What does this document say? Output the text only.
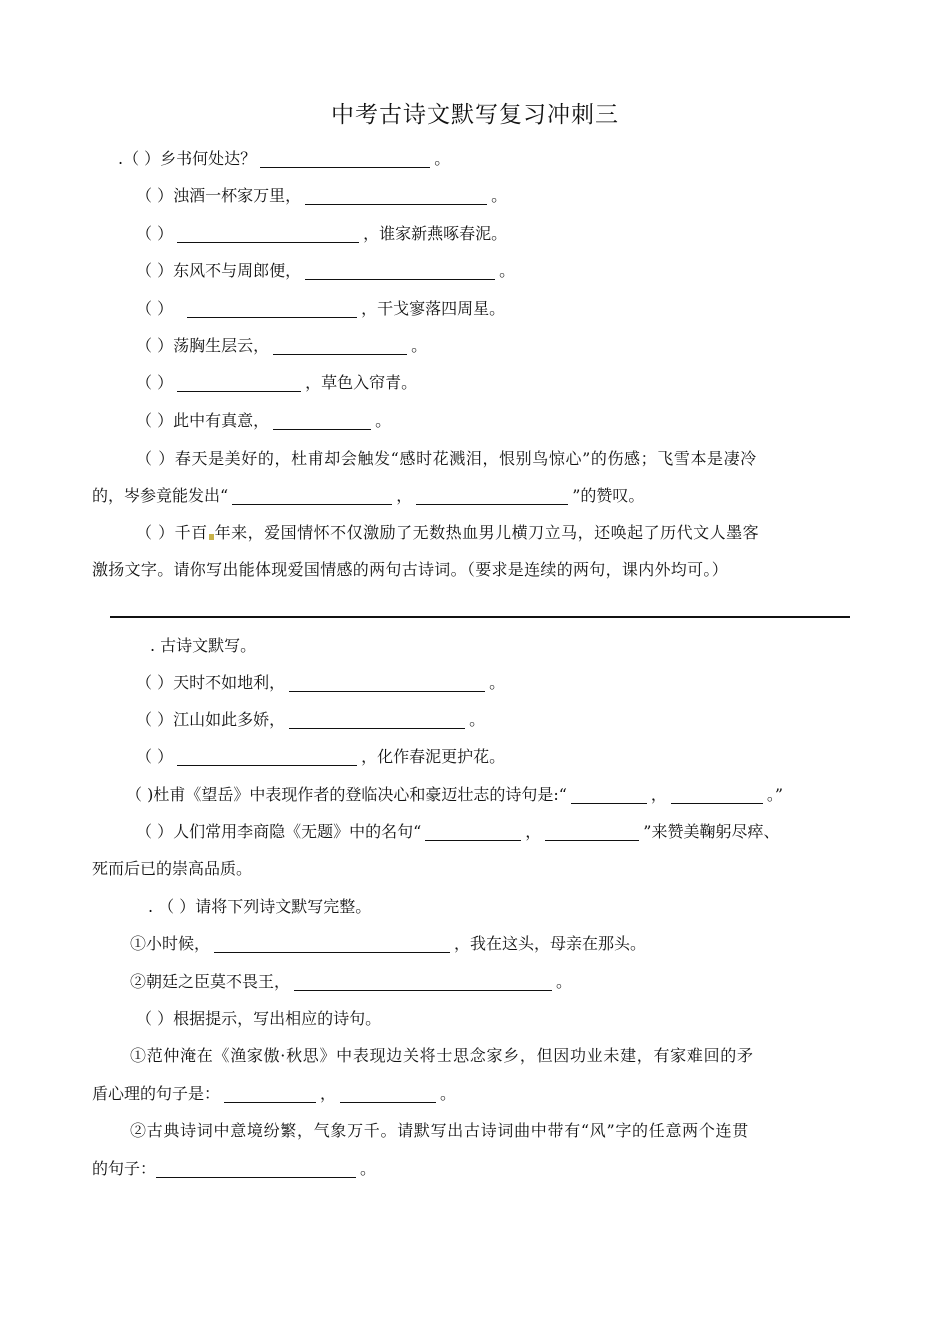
中考古诗文默写复习冲刺三
.（ ）乡书何处达？	。
（ ）浊酒一杯家万里，	。
（ ）	，谁家新燕啄春泥。
（ ）东风不与周郎便，	。
（ ）	，干戈寥落四周星。
（ ）荡胸生层云，	。
（ ）	，草色入帘青。
（ ）此中有真意，	。
（ ）春天是美好的，杜甫却会触发“感时花溅泪，恨别鸟惊心”的伤感；飞雪本是凄冷
的，岑参竟能发出“	，	”的赞叹。
（ ）千百 年来，爱国情怀不仅激励了无数热血男儿横刀立马，还唤起了历代文人墨客
激扬文字。请你写出能体现爱国情感的两句古诗词。（要求是连续的两句，课内外均可。）
. 古诗文默写。
（ ）天时不如地利，	。
（ ）江山如此多娇，	。
（ ）	，化作春泥更护花。
（ )杜甫《望岳》中表现作者的登临决心和豪迈壮志的诗句是:“	，	。”
（ ）人们常用李商隐《无题》中的名句“	，	”来赞美鞠躬尽瘁、
死而后已的崇高品质。
. （ ）请将下列诗文默写完整。
①小时候，	，我在这头，母亲在那头。
②朝廷之臣莫不畏王，	。
（ ）根据提示，写出相应的诗句。
①范仲淹在《渔家傲·秋思》中表现边关将士思念家乡，但因功业未建，有家难回的矛
盾心理的句子是：	，	。
②古典诗词中意境纷繁，气象万千。请默写出古诗词曲中带有“风”字的任意两个连贯
的句子：	。
